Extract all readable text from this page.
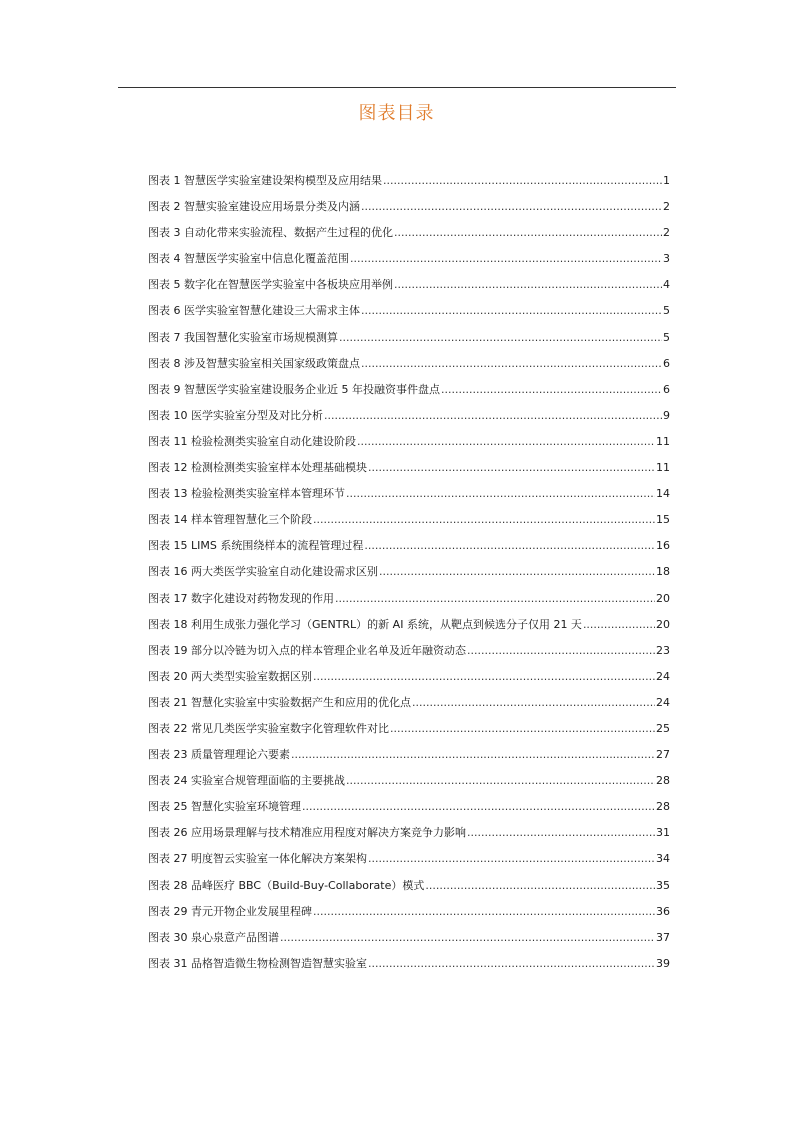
图表目录
图表 1 智慧医学实验室建设架构模型及应用结果 .....	1
图表 2 智慧实验室建设应用场景分类及内涵 .....	2
图表 3 自动化带来实验流程、数据产生过程的优化 .....	2
图表 4 智慧医学实验室中信息化覆盖范围 .....	3
图表 5 数字化在智慧医学实验室中各板块应用举例 .....	4
图表 6 医学实验室智慧化建设三大需求主体 .....	5
图表 7 我国智慧化实验室市场规模测算 .....	5
图表 8 涉及智慧实验室相关国家级政策盘点 .....	6
图表 9 智慧医学实验室建设服务企业近 5 年投融资事件盘点 .....	6
图表 10 医学实验室分型及对比分析 .....	9
图表 11 检验检测类实验室自动化建设阶段 .....	11
图表 12 检测检测类实验室样本处理基础模块 .....	11
图表 13 检验检测类实验室样本管理环节 .....	14
图表 14 样本管理智慧化三个阶段 .....	15
图表 15 LIMS 系统围绕样本的流程管理过程 .....	16
图表 16 两大类医学实验室自动化建设需求区别 .....	18
图表 17 数字化建设对药物发现的作用 .....	20
图表 18 利用生成张力强化学习（GENTRL）的新 AI 系统，从靶点到候选分子仅用 21 天 .....	20
图表 19 部分以冷链为切入点的样本管理企业名单及近年融资动态 .....	23
图表 20 两大类型实验室数据区别 .....	24
图表 21 智慧化实验室中实验数据产生和应用的优化点 .....	24
图表 22 常见几类医学实验室数字化管理软件对比 .....	25
图表 23 质量管理理论六要素 .....	27
图表 24 实验室合规管理面临的主要挑战 .....	28
图表 25 智慧化实验室环境管理 .....	28
图表 26 应用场景理解与技术精准应用程度对解决方案竞争力影响 .....	31
图表 27 明度智云实验室一体化解决方案架构 .....	34
图表 28 品峰医疗 BBC（Build-Buy-Collaborate）模式 .....	35
图表 29 青元开物企业发展里程碑 .....	36
图表 30 泉心泉意产品图谱 .....	37
图表 31 品格智造微生物检测智造智慧实验室 .....	39
